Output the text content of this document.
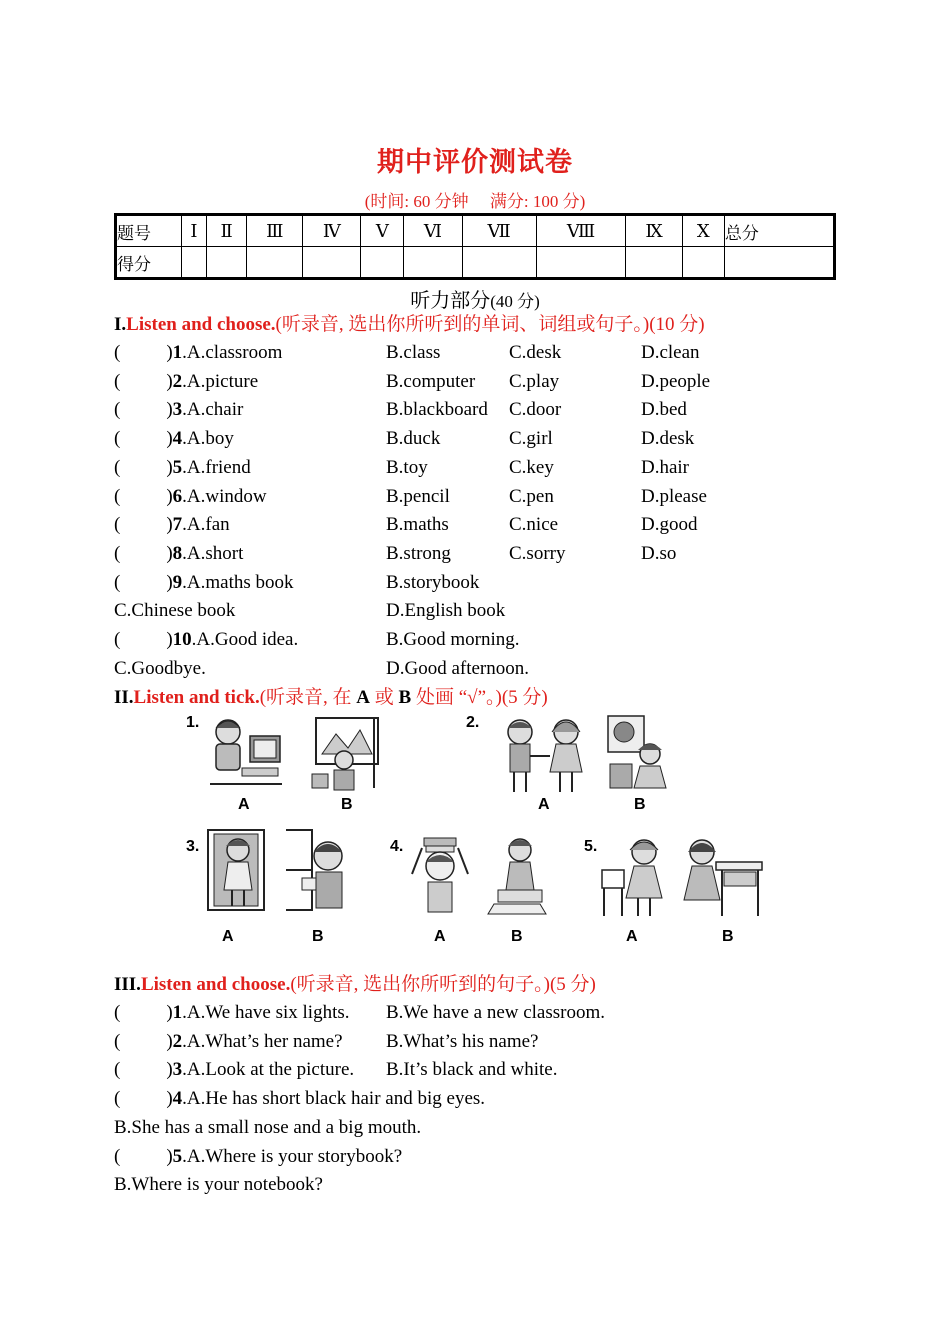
期中评价测试卷
(时间: 60 分钟　 满分: 100 分)
题号	Ⅰ	Ⅱ	Ⅲ	Ⅳ	Ⅴ	Ⅵ	Ⅶ	Ⅷ	Ⅸ	Ⅹ	总分
得分											
听力部分(40 分)
I.Listen and choose.(听录音, 选出你所听到的单词、词组或句子。)(10 分)
II.Listen and tick.(听录音, 在 A 或 B 处画 “√”。)(5 分)
1.
A	B
2.
A	B
3.
A	B
4.
A	B
5.
A	B
III.Listen and choose.(听录音, 选出你所听到的句子。)(5 分)
( )1.A.classroom	B.class	C.desk	D.clean
( )2.A.picture	B.computer C.play	D.people
( )3.A.chair	B.blackboard C.door	D.bed
( )4.A.boy	B.duck	C.girl	D.desk
( )5.A.friend	B.toy	C.key	D.hair
( )6.A.window	B.pencil	C.pen	D.please
( )7.A.fan	B.maths	C.nice	D.good
( )8.A.short	B.strong	C.sorry	D.so
( )9.A.maths book	B.storybook
C.Chinese book	D.English book
( )10.A.Good idea.	B.Good morning.
C.Goodbye.	D.Good afternoon.
( )1.A.We have six lights. B.We have a new classroom.
( )2.A.What’s her name? B.What’s his name?
( )3.A.Look at the picture. B.It’s black and white.
( )4.A.He has short black hair and big eyes.
B.She has a small nose and a big mouth.
( )5.A.Where is your storybook?
B.Where is your notebook?
